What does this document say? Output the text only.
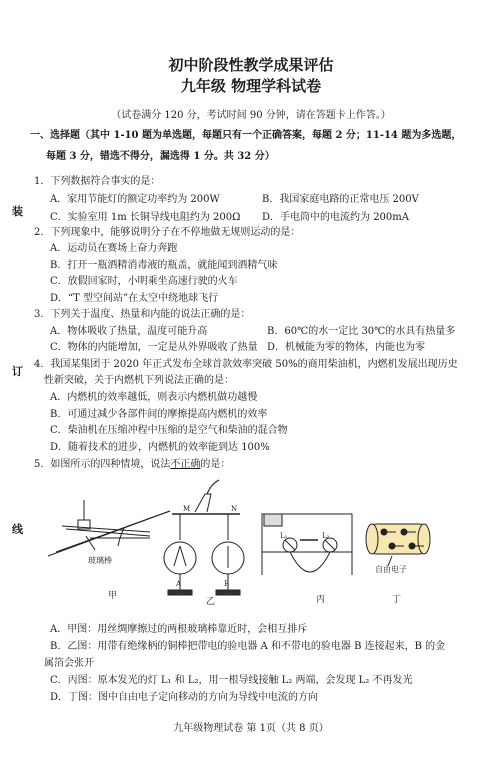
初中阶段性教学成果评估
九年级 物理学科试卷
（试卷满分 120 分，考试时间 90 分钟，请在答题卡上作答。）
装
订
线
一、选择题（其中 1-10 题为单选题，每题只有一个正确答案，每题 2 分；11-14 题为多选题，
每题 3 分，错选不得分，漏选得 1 分。共 32 分）
1．下列数据符合事实的是：
A．家用节能灯的额定功率约为 200W	B．我国家庭电路的正常电压 200V
C．实验室用 1m 长铜导线电阻约为 200Ω D．手电筒中的电流约为 200mA
2．下列现象中，能够说明分子在不停地做无规则运动的是：
A．运动员在赛场上奋力奔跑
B．打开一瓶酒精消毒液的瓶盖，就能闻到酒精气味
C．放假回家时，小明乘坐高速行驶的火车
D．“T 型空间站”在太空中绕地球飞行
3．下列关于温度、热量和内能的说法正确的是：
A．物体吸收了热量，温度可能升高	B．60℃的水一定比 30℃的水具有热量多
C．物体的内能增加，一定是从外界吸收了热量 D．机械能为零的物体，内能也为零
4．我国某集团于 2020 年正式发布全球首款效率突破 50%的商用柴油机，内燃机发展出现历史
性新突破，关于内燃机下列说法正确的是：
A．内燃机的效率越低，则表示内燃机做功越慢
B．可通过减少各部件间的摩擦提高内燃机的效率
C．柴油机在压缩冲程中压缩的是空气和柴油的混合物
D．随着技术的进步，内燃机的效率能到达 100%
5．如图所示的四种情境，说法不正确的是：
玻璃棒
M	N
A	B
L₁	L₂
自由电子
甲
乙	丙	丁
A．甲图：用丝绸摩擦过的两根玻璃棒靠近时，会相互排斥
B．乙图：用带有绝缘柄的铜棒把带电的验电器 A 和不带电的验电器 B 连接起来，B 的金
属箔会张开
C．丙图：原本发光的灯 L₁ 和 L₂，用一根导线接触 L₂ 两端，会发现 L₂ 不再发光
D．丁图：图中自由电子定向移动的方向为导线中电流的方向
九年级物理试卷 第 1页（共 8 页）
